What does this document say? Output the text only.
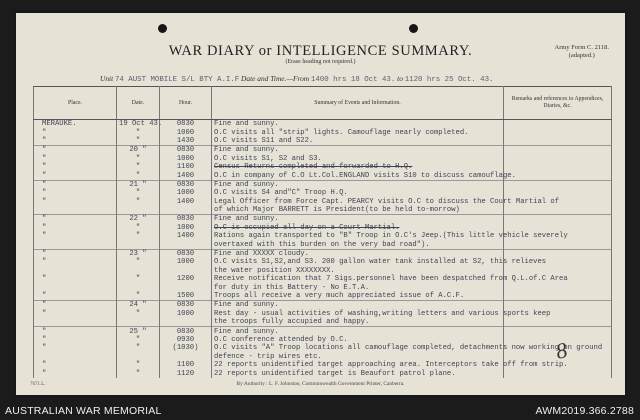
WAR DIARY or INTELLIGENCE SUMMARY.
(Erase heading not required.)
Army Form C. 2118.
(adapted.)
Unit 74 AUST MOBILE S/L BTY A.I.F Date and Time.—From 1400 hrs 18 Oct 43. to 1120 hrs 25 Oct. 43.
Place.	Date.	Hour.	Summary of Events and Information.	Remarks and references to Appendices, Diaries, &c.
MERAUKE.	19 Oct 43.	0830	Fine and sunny.	
"	"	1000	O.C visits all "strip" lights. Camouflage nearly completed.	
"	"	1430	O.C visits S11 and S22.	
"	20 "	0830	Fine and sunny.	
"	"	1000	O.C visits S1, S2 and S3.	
"	"	1100	Census Returns completed and forwarded to H.Q.	
"	"	1400	O.C in company of C.O Lt.Col.ENGLAND visits S10 to discuss camouflage.	
"	21 "	0830	Fine and sunny.	
"	"	1000	O.C visits S4 and"C" Troop H.Q.	
"	"	1400	Legal Officer from Force Capt. PEARCY visits O.C to discuss the Court Martial of	
			of which Major BARRETT is President(to be held to-morrow)	
"	22 "	0830	Fine and sunny.	
"	"	1000	O.C is occupied all day on a Court Martial.	
"	"	1400	Rations again transported to "B" Troop in O.C's Jeep.(This little vehicle severely	
			overtaxed with this burden on the very bad road").	
"	23 "	0830	Fine and XXXXX cloudy.	
"	"	1000	O.C visits S1,S2,and S3. 200 gallon water tank installed at S2, this relieves	
			the water position XXXXXXXX.	
"	"	1200	Receive notification that 7 Sigs.personnel have been despatched from Q.L.of.C Area	
			for duty in this Battery - No E.T.A.	
"	"	1500	Troops all receive a very much appreciated issue of A.C.F.	
"	24 "	0830	Fine and sunny.	
"	"	1000	Rest day - usual activities of washing,writing letters and various sports keep	
			the troops fully accupied and happy.	
"	25 "	0830	Fine and sunny.	
"	"	0930	O.C conference attended by O.C.	
"	"	(1030)	O.C visits "A" Troop locations all camouflage completed, detachments now working on ground	
			defence - trip wires etc.	
"	"	1100	22 reports unidentified target approaching area. Interceptors take off from strip.	
"	"	1120	22 reports unidentified target is Beaufort patrol plane.	
8
7671.L.	By Authority : L. F. Johnston, Commonwealth Government Printer, Canberra.
AUSTRALIAN WAR MEMORIAL	AWM2019.366.2788
